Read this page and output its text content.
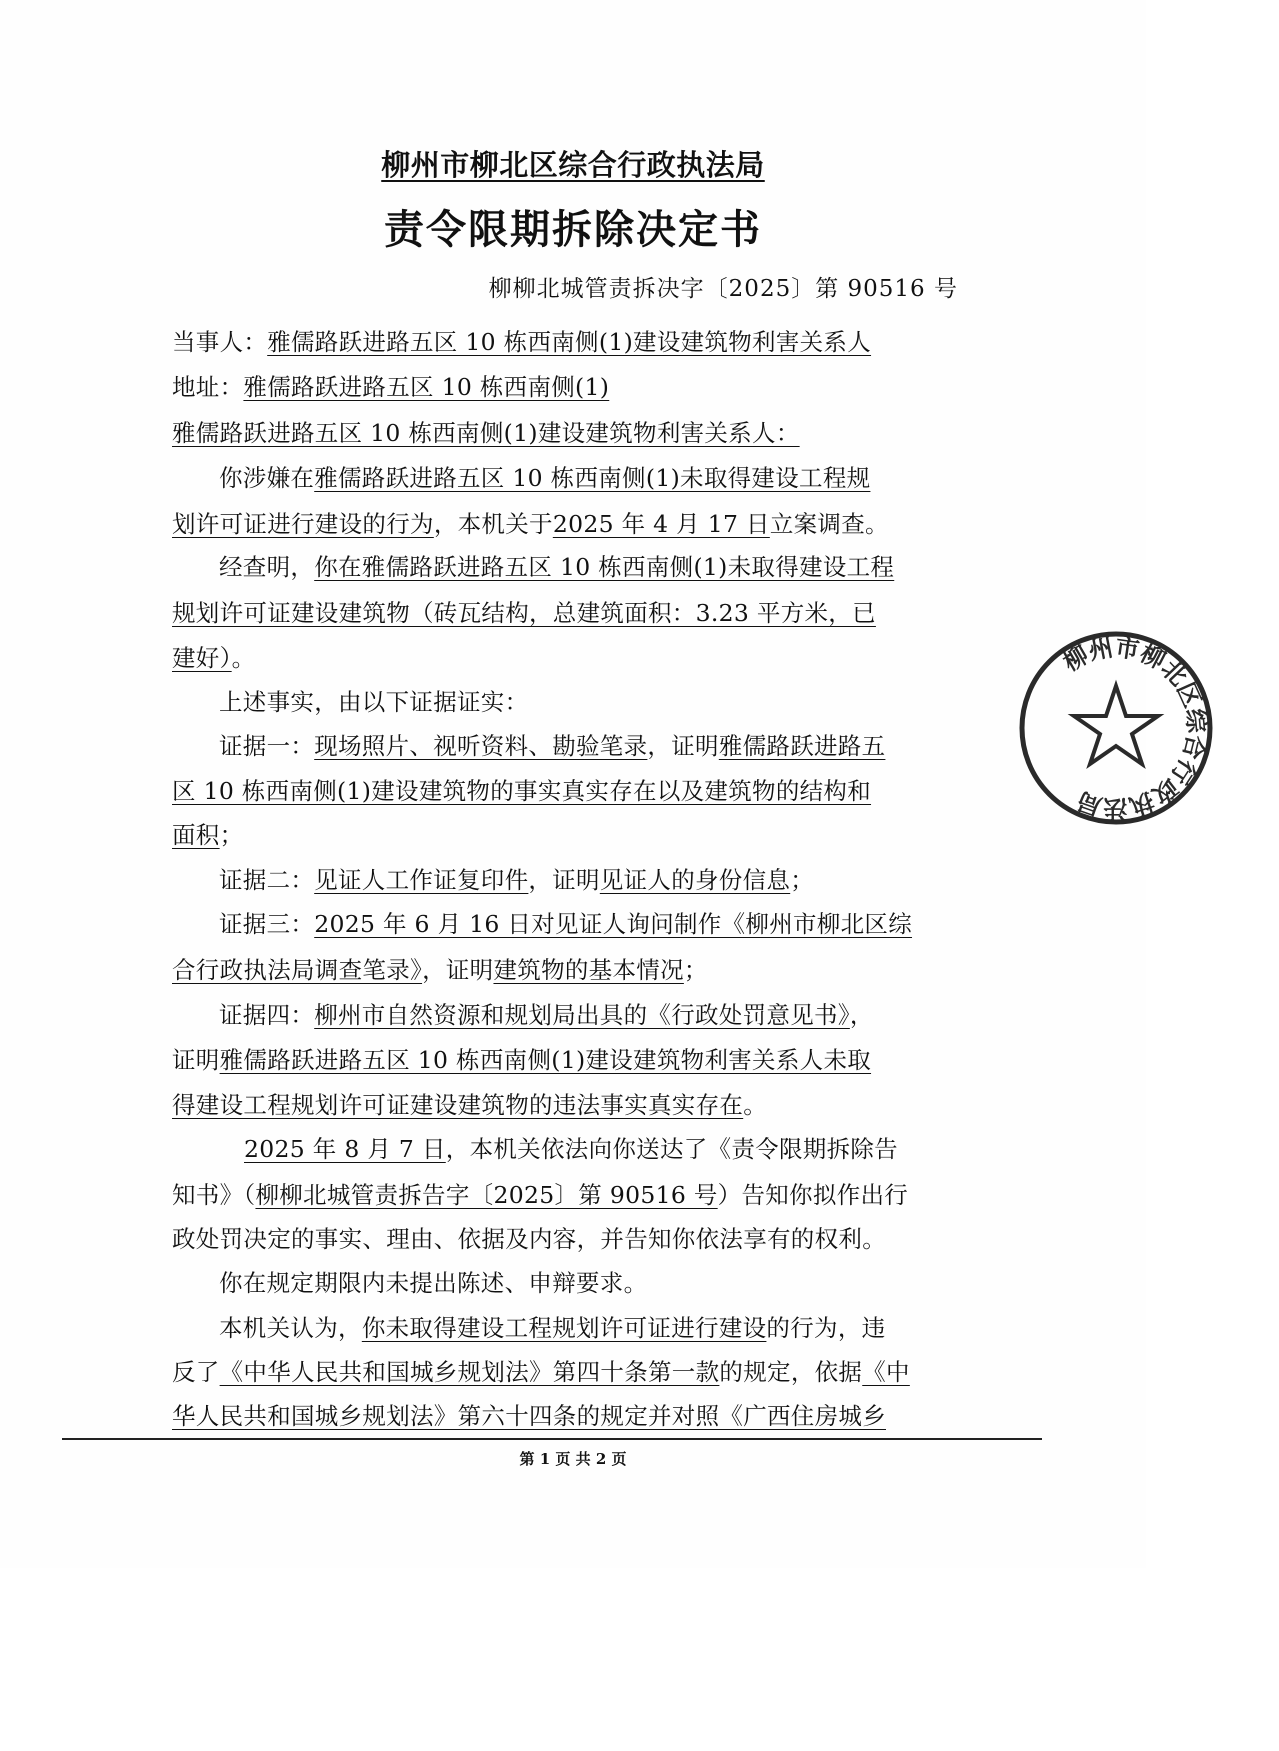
柳州市柳北区综合行政执法局
责令限期拆除决定书
柳柳北城管责拆决字〔2025〕第 90516 号
当事人：雅儒路跃进路五区 10 栋西南侧(1)建设建筑物利害关系人
地址：雅儒路跃进路五区 10 栋西南侧(1)
雅儒路跃进路五区 10 栋西南侧(1)建设建筑物利害关系人：
你涉嫌在雅儒路跃进路五区 10 栋西南侧(1)未取得建设工程规
划许可证进行建设的行为，本机关于2025 年 4 月 17 日立案调查。
经查明，你在雅儒路跃进路五区 10 栋西南侧(1)未取得建设工程
规划许可证建设建筑物（砖瓦结构，总建筑面积：3.23 平方米，已
建好）。
上述事实，由以下证据证实：
证据一：现场照片、视听资料、勘验笔录，证明雅儒路跃进路五
区 10 栋西南侧(1)建设建筑物的事实真实存在以及建筑物的结构和
面积；
证据二：见证人工作证复印件，证明见证人的身份信息；
证据三：2025 年 6 月 16 日对见证人询问制作《柳州市柳北区综
合行政执法局调查笔录》，证明建筑物的基本情况；
证据四：柳州市自然资源和规划局出具的《行政处罚意见书》，
证明雅儒路跃进路五区 10 栋西南侧(1)建设建筑物利害关系人未取
得建设工程规划许可证建设建筑物的违法事实真实存在。
2025 年 8 月 7 日，本机关依法向你送达了《责令限期拆除告
知书》（柳柳北城管责拆告字〔2025〕第 90516 号）告知你拟作出行
政处罚决定的事实、理由、依据及内容，并告知你依法享有的权利。
你在规定期限内未提出陈述、申辩要求。
本机关认为，你未取得建设工程规划许可证进行建设的行为，违
反了《中华人民共和国城乡规划法》第四十条第一款的规定，依据《中
华人民共和国城乡规划法》第六十四条的规定并对照《广西住房城乡
第 1 页 共 2 页
柳州市柳北区综合行政执法局
